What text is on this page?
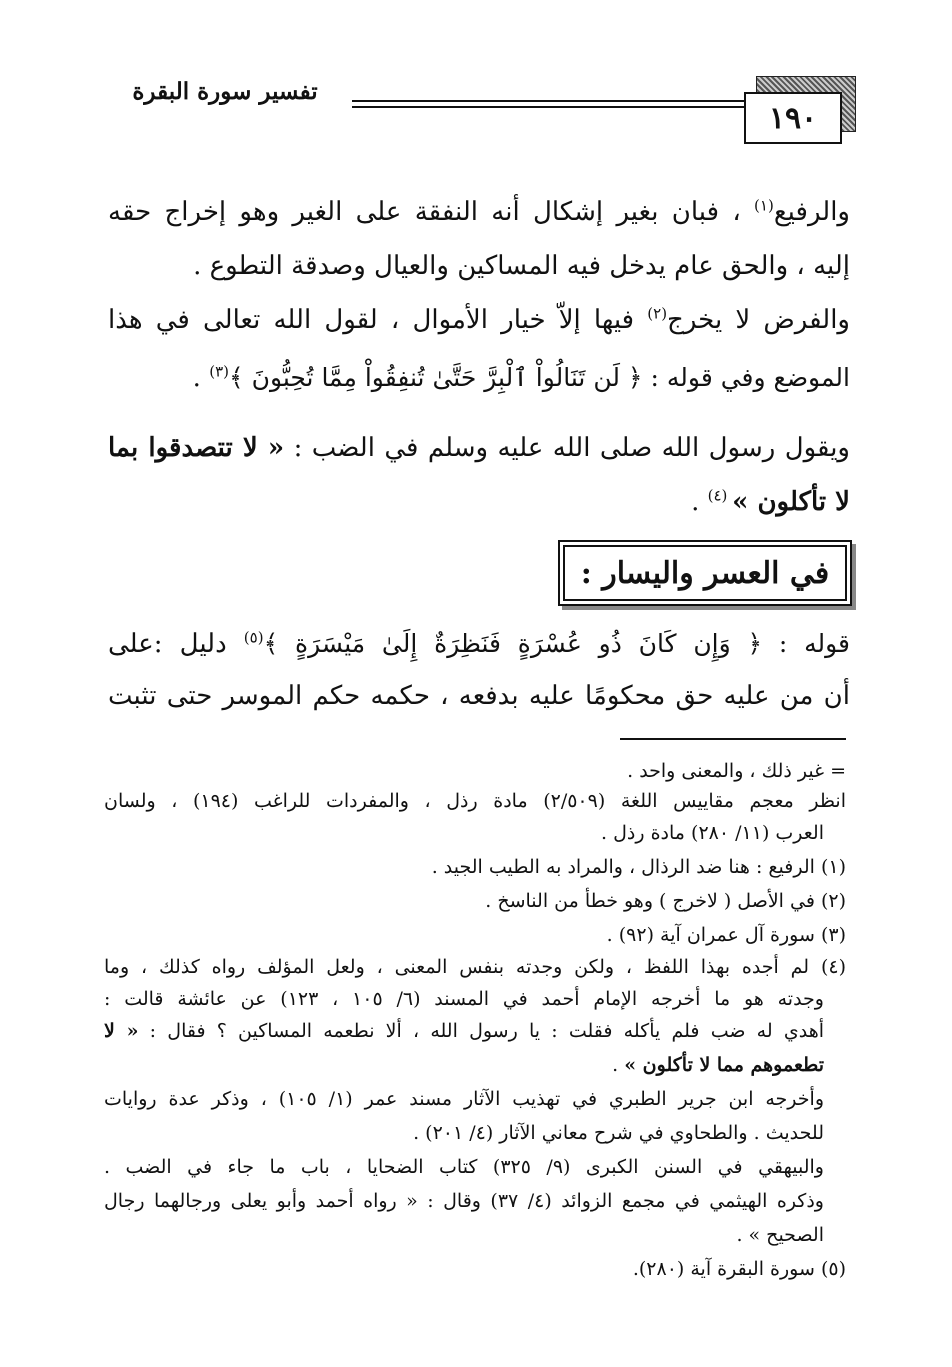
١٩٠
تفسير سورة البقرة
والرفيع$^{(١)}$ ، فبان بغير إشكال أنه النفقة على الغير وهو إخراج حقه
إليه ، والحق عام يدخل فيه المساكين والعيال وصدقة التطوع .
والفرض لا يخرج$^{(٢)}$ فيها إلاّ خيار الأموال ، لقول الله تعالى في هذا
الموضع وفي قوله : ﴿ لَن تَنَالُواْ ٱلْبِرَّ حَتَّىٰ تُنفِقُواْ مِمَّا تُحِبُّونَ ﴾$^{(٣)}$ .
ويقول رسول الله صلى الله عليه وسلم في الضب : « لا تتصدقوا بما
لا تأكلون » $^{(٤)}$ .
في العسر واليسار :
قوله : ﴿ وَإِن كَانَ ذُو عُسْرَةٍ فَنَظِرَةٌ إِلَىٰ مَيْسَرَةٍ ﴾$^{(٥)}$ دليل :على
أن من عليه حق محكومًا عليه بدفعه ، حكمه حكم الموسر حتى تثبت
= غير ذلك ، والمعنى واحد .
انظر معجم مقاييس اللغة (٢/٥٠٩) مادة رذل ، والمفردات للراغب (١٩٤) ، ولسان
العرب (١١/ ٢٨٠) مادة رذل .
(١) الرفيع : هنا ضد الرذال ، والمراد به الطيب الجيد .
(٢) في الأصل ( لاخرج ) وهو خطأ من الناسخ .
(٣) سورة آل عمران آية (٩٢) .
(٤) لم أجده بهذا اللفظ ، ولكن وجدته بنفس المعنى ، ولعل المؤلف رواه كذلك ، وما
وجدته هو ما أخرجه الإمام أحمد في المسند (٦/ ١٠٥ ، ١٢٣) عن عائشة قالت :
أهدي له ضب فلم يأكله فقلت : يا رسول الله ، ألا نطعمه المساكين ؟ فقال : « لا
تطعموهم مما لا تأكلون » .
وأخرجه ابن جرير الطبري في تهذيب الآثار مسند عمر (١/ ١٠٥) ، وذكر عدة روايات
للحديث . والطحاوي في شرح معاني الآثار (٤/ ٢٠١) .
والبيهقي في السنن الكبرى (٩/ ٣٢٥) كتاب الضحايا ، باب ما جاء في الضب .
وذكره الهيثمي في مجمع الزوائد (٤/ ٣٧) وقال : « رواه أحمد وأبو يعلى ورجالهما رجال
الصحيح » .
(٥) سورة البقرة آية (٢٨٠).
